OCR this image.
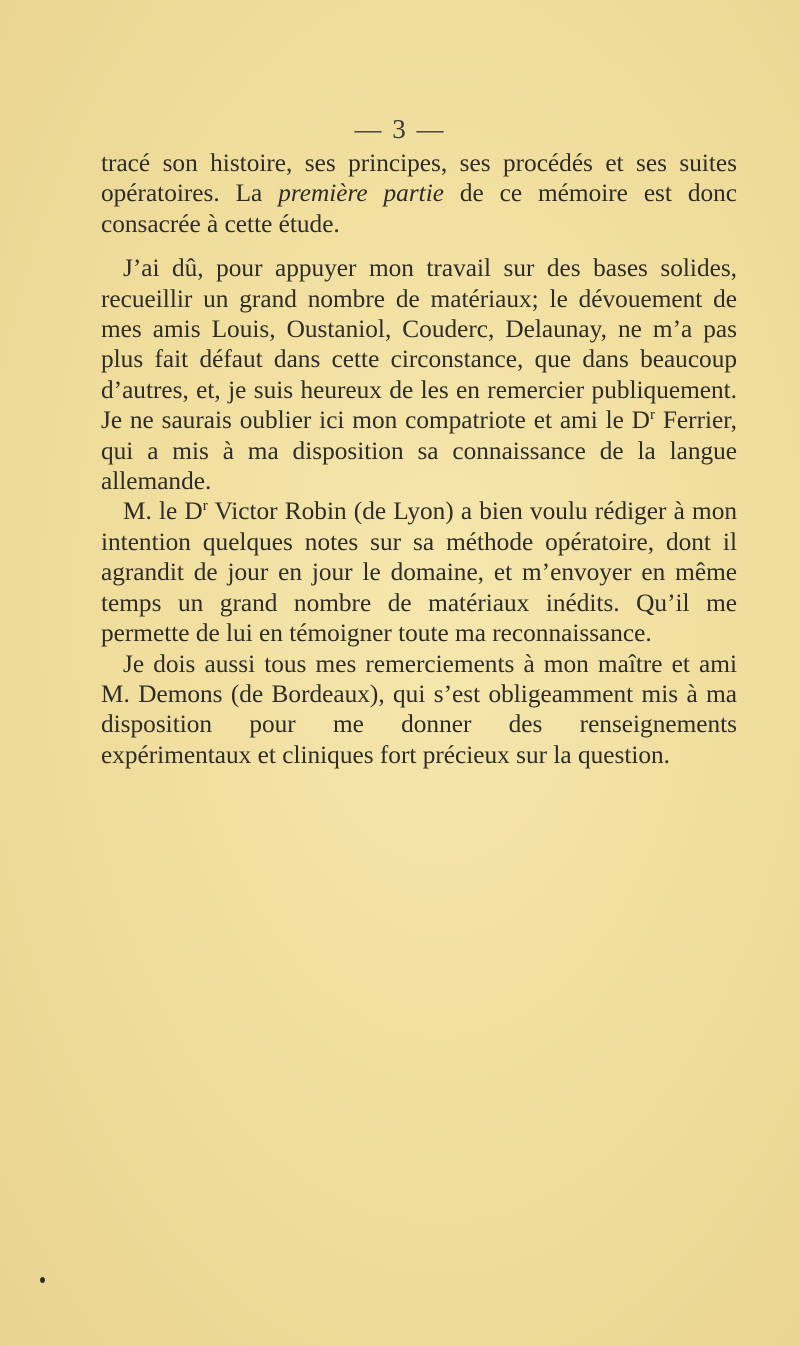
— 3 —

tracé son histoire, ses principes, ses procédés et ses suites opératoires. La première partie de ce mémoire est donc consacrée à cette étude.

J’ai dû, pour appuyer mon travail sur des bases solides, recueillir un grand nombre de matériaux; le dévouement de mes amis Louis, Oustaniol, Couderc, Delaunay, ne m’a pas plus fait défaut dans cette circonstance, que dans beaucoup d’autres, et, je suis heureux de les en remercier publiquement. Je ne saurais oublier ici mon compatriote et ami le $D^r$ Ferrier, qui a mis à ma disposition sa connaissance de la langue allemande.

M. le $D^r$ Victor Robin (de Lyon) a bien voulu rédiger à mon intention quelques notes sur sa méthode opératoire, dont il agrandit de jour en jour le domaine, et m’envoyer en même temps un grand nombre de matériaux inédits. Qu’il me permette de lui en témoigner toute ma reconnaissance.

Je dois aussi tous mes remerciements à mon maître et ami M. Demons (de Bordeaux), qui s’est obligeamment mis à ma disposition pour me donner des renseignements expérimentaux et cliniques fort précieux sur la question.
